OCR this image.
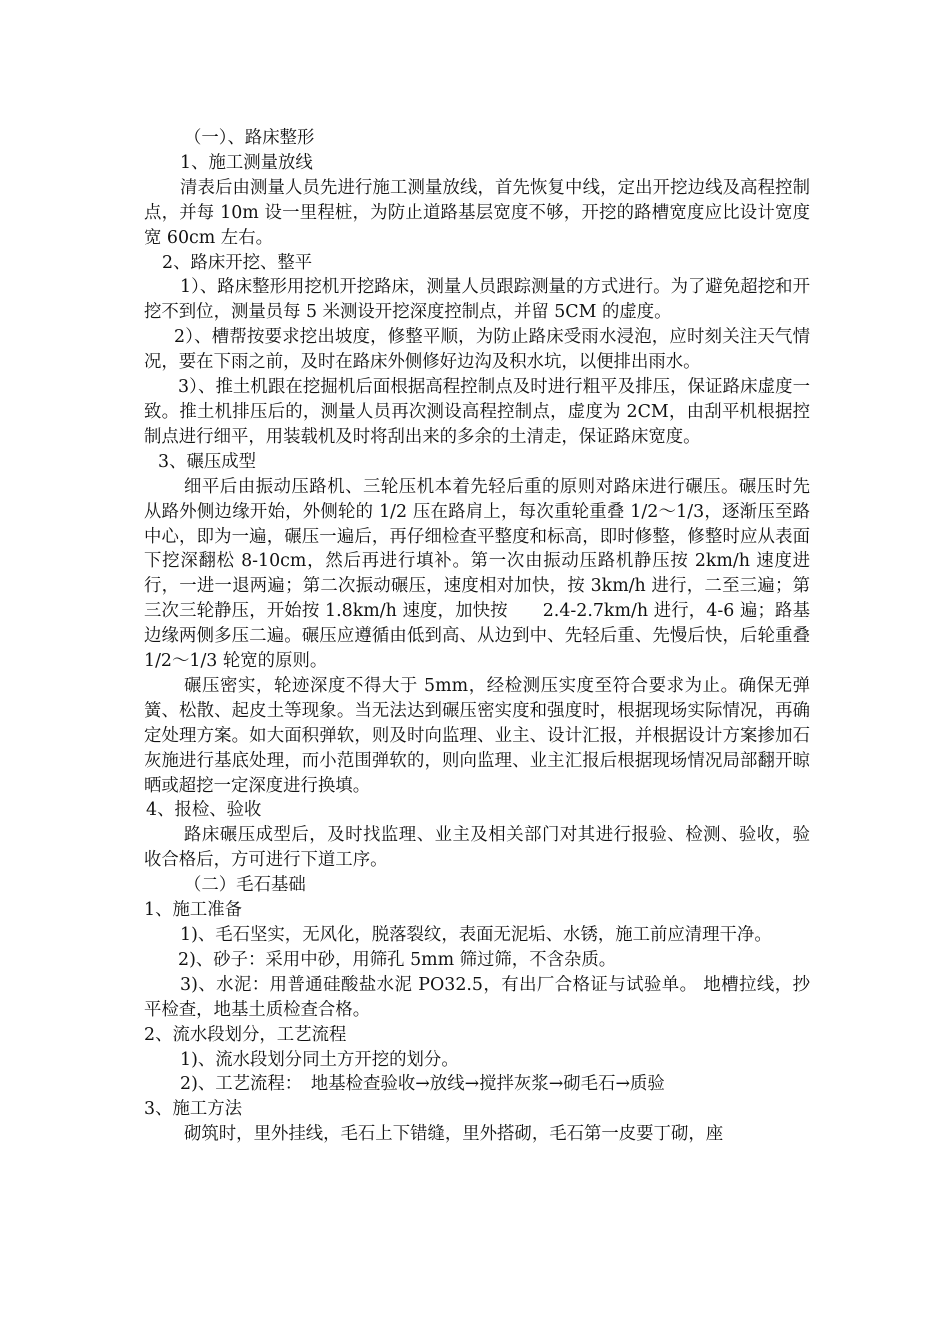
（一）、路床整形

1、施工测量放线

清表后由测量人员先进行施工测量放线，首先恢复中线，定出开挖边线及高程控制点，并每 10m 设一里程桩，为防止道路基层宽度不够，开挖的路槽宽度应比设计宽度宽 60cm 左右。

2、路床开挖、整平

1）、路床整形用挖机开挖路床，测量人员跟踪测量的方式进行。为了避免超挖和开挖不到位，测量员每 5 米测设开挖深度控制点，并留 5CM 的虚度。

2）、槽帮按要求挖出坡度，修整平顺，为防止路床受雨水浸泡，应时刻关注天气情况，要在下雨之前，及时在路床外侧修好边沟及积水坑，以便排出雨水。

3）、推土机跟在挖掘机后面根据高程控制点及时进行粗平及排压，保证路床虚度一致。推土机排压后的，测量人员再次测设高程控制点，虚度为 2CM，由刮平机根据控制点进行细平，用装载机及时将刮出来的多余的土清走，保证路床宽度。

3、碾压成型

细平后由振动压路机、三轮压机本着先轻后重的原则对路床进行碾压。碾压时先从路外侧边缘开始，外侧轮的 1/2 压在路肩上，每次重轮重叠 1/2～1/3，逐渐压至路中心，即为一遍，碾压一遍后，再仔细检查平整度和标高，即时修整，修整时应从表面下挖深翻松 8-10cm，然后再进行填补。第一次由振动压路机静压按 2km/h 速度进行，一进一退两遍；第二次振动碾压，速度相对加快，按 3km/h 进行，二至三遍；第三次三轮静压，开始按 1.8km/h 速度，加快按　　2.4-2.7km/h 进行，4-6 遍；路基边缘两侧多压二遍。碾压应遵循由低到高、从边到中、先轻后重、先慢后快，后轮重叠 1/2～1/3 轮宽的原则。

碾压密实，轮迹深度不得大于 5mm，经检测压实度至符合要求为止。确保无弹簧、松散、起皮土等现象。当无法达到碾压密实度和强度时，根据现场实际情况，再确定处理方案。如大面积弹软，则及时向监理、业主、设计汇报，并根据设计方案掺加石灰施进行基底处理，而小范围弹软的，则向监理、业主汇报后根据现场情况局部翻开晾晒或超挖一定深度进行换填。

4、报检、验收

路床碾压成型后，及时找监理、业主及相关部门对其进行报验、检测、验收，验收合格后，方可进行下道工序。

（二）毛石基础

1、施工准备

1)、毛石坚实，无风化，脱落裂纹，表面无泥垢、水锈，施工前应清理干净。

2)、砂子：采用中砂，用筛孔 5mm 筛过筛，不含杂质。

3)、水泥：用普通硅酸盐水泥 PO32.5，有出厂合格证与试验单。 地槽拉线，抄平检查，地基土质检查合格。

2、流水段划分，工艺流程

1)、流水段划分同土方开挖的划分。

2)、工艺流程：　地基检查验收→放线→搅拌灰浆→砌毛石→质验

3、施工方法

砌筑时，里外挂线，毛石上下错缝，里外搭砌，毛石第一皮要丁砌，座
